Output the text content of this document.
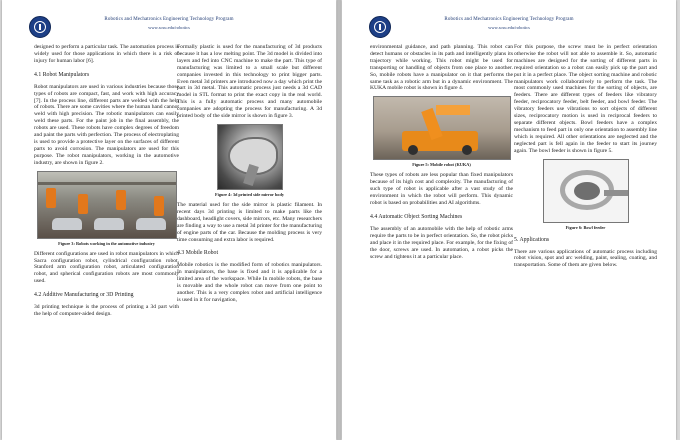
Robotics and Mechatronics Engineering Technology Program
www.scsu.edu/robotics

designed to perform a particular task. The automation process is widely used for those applications in which there is a risk of injury for human labor [6].

4.1 Robot Manipulators

Robot manipulators are used in various industries because those types of robots are compact, fast, and work with high accuracy [7]. In the process line, different parts are welded with the help of robots. There are some cavities where the human hand cannot weld with high precision. The robotic manipulators can easily weld these parts. For the paint job in the final assembly, the robots are used. These robots have complex degrees of freedom and paint the parts with perfection. The process of electroplating is used to provide a protective layer on the surfaces of different parts to avoid corrosion. The manipulators are used for this purpose. The robot manipulators, working in the automotive industry, are shown in figure 2.

Figure 3: Robots working in the automotive industry

Different configurations are used in robot manipulators in which Sacra configuration robot, cylindrical configuration robot, Stanford arm configuration robot, articulated configuration robot, and spherical configuration robots are most commonly used.

4.2 Additive Manufacturing or 3D Printing

3d printing technique is the process of printing a 3d part with the help of computer-aided design.

Formally plastic is used for the manufacturing of 3d products because it has a low melting point. The 3d model is divided into layers and fed into CNC machine to make the part. This type of manufacturing was limited to a small scale but different companies invested in this technology to print bigger parts. Even metal 3d printers are introduced now a day which print the part in 3d metal. This automatic process just needs a 3d CAD model in STL format to print the exact copy in the real world. This is a fully automatic process and many automobile companies are adopting the process for manufacturing. A 3d printed body of the side mirror is shown in figure 3.

Figure 4: 3d printed side mirror body

The material used for the side mirror is plastic filament. In recent days 3d printing is limited to make parts like the dashboard, headlight covers, side mirrors, etc. Many researchers are finding a way to use a metal 3d printer for the manufacturing of engine parts of the car. Because the molding process is very time consuming and extra labor is required.

4.3 Mobile Robot

Mobile robotics is the modified form of robotics manipulators. In manipulators, the base is fixed and it is applicable for a limited area of the workspace. While In mobile robots, the base is movable and the whole robot can move from one point to another. This is a very complex robot and artificial intelligence is used in it for navigation,

Robotics and Mechatronics Engineering Technology Program
www.scsu.edu/robotics

environmental guidance, and path planning. This robot can detect humans or obstacles in its path and intelligently plans its trajectory while working. This robot might be used for transporting or handling of objects from one place to another. So, mobile robots have a manipulator on it that performs the same task as a robotic arm but in a dynamic environment. The KUKA mobile robot is shown in figure 4.

Figure 5: Mobile robot (KUKA)

These types of robots are less popular than fixed manipulators because of its high cost and complexity. The manufacturing of such type of robot is applicable after a vast study of the environment in which the robot will perform. This dynamic robot is based on probabilities and AI algorithms.

4.4 Automatic Object Sorting Machines

The assembly of an automobile with the help of robotic arms require the parts to be in perfect orientation. So, the robot picks and place it in the required place. For example, for the fixing of the door, screws are used. In automation, a robot picks the screw and tightens it at a particular place.

For this purpose, the screw must be in perfect orientation otherwise the robot will not able to assemble it. So, automatic machines are designed for the sorting of different parts in required orientation so a robot can easily pick up the part and put it in a perfect place. The object sorting machine and robotic manipulators work collaboratively to perform the task. The most commonly used machines for the sorting of objects, are feeders. There are different types of feeders like vibratory feeder, reciprocatory feeder, belt feeder, and bowl feeder. The vibratory feeders use vibrations to sort objects of different sizes, reciprocatory motion is used in reciprocal feeders to separate different objects. Bowl feeders have a complex mechanism to feed part in only one orientation to assembly line which is required. All other orientations are neglected and the neglected part is fell again in the feeder to start its journey again. The bowl feeder is shown in figure 5.

Figure 6: Bowl feeder
5. Applications

There are various applications of automatic process including robot vision, spot and arc welding, paint, sealing, coating, and transportation. Some of them are given below.
